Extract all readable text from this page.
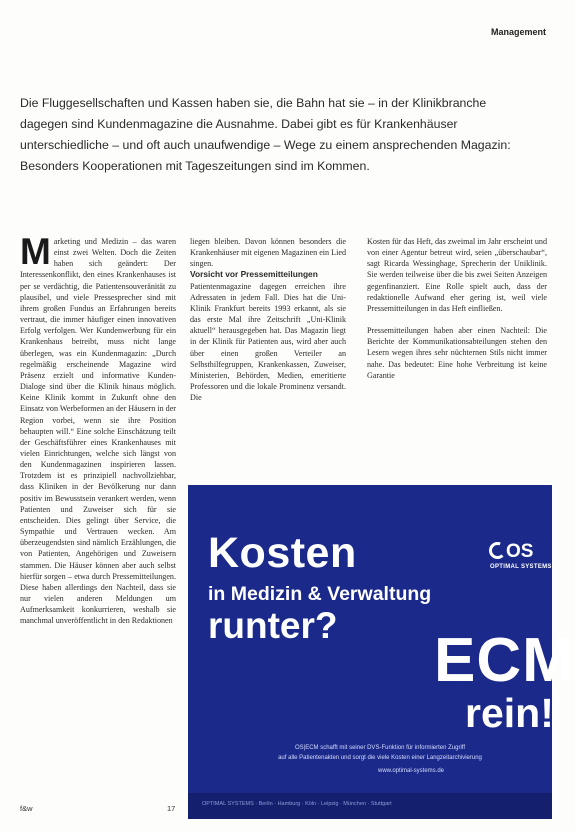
Management

Die Fluggesellschaften und Kassen haben sie, die Bahn hat sie – in der Klinikbranche dagegen sind Kundenmagazine die Ausnahme. Dabei gibt es für Krankenhäuser unterschiedliche – und oft auch unaufwendige – Wege zu einem ansprechenden Magazin: Besonders Kooperationen mit Tageszeitungen sind im Kommen.

M arketing und Medizin – das waren einst zwei Welten. Doch die Zeiten haben sich geändert: Der Interessenkonflikt, den eines Krankenhauses ist per se verdächtig, die Patientensouveränität zu plausibel, und viele Pressesprecher sind mit ihrem großen Fundus an Erfahrungen bereits vertraut, die immer häufiger einen innovativen Erfolg verfolgen. Wer Kundenwerbung für ein Krankenhaus betreibt, muss nicht lange überlegen, was ein Kundenmagazin: „Durch regelmäßig erscheinende Magazine wird Präsenz erzielt und informative Kunden-Dialoge sind über die Klinik hinaus möglich. Keine Klinik kommt in Zukunft ohne den Einsatz von Werbeformen an der Häusern in der Region vorbei, wenn sie ihre Position behaupten will.“ Eine solche Einschätzung teilt der Geschäftsführer eines Krankenhauses mit vielen Einrichtungen, welche sich längst von den Kundenmagazinen inspirieren lassen. Trotzdem ist es prinzipiell nachvollziehbar, dass Kliniken in der Bevölkerung nur dann positiv im Bewusstsein verankert werden, wenn Patienten und Zuweiser sich für sie entscheiden. Dies gelingt über Service, die Sympathie und Vertrauen wecken. Am überzeugendsten sind nämlich Erzählungen, die von Patienten, Angehörigen und Zuweisern stammen. Die Häuser können aber auch selbst hierfür sorgen – etwa durch Pressemitteilungen. Diese haben allerdings den Nachteil, dass sie nur vielen anderen Meldungen um Aufmerksamkeit konkurrieren, weshalb sie manchmal unveröffentlicht in den Redaktionen

liegen bleiben. Davon können besonders die Krankenhäuser mit eigenen Magazinen ein Lied singen.

Vorsicht vor Pressemitteilungen

Patientenmagazine dagegen erreichen ihre Adressaten in jedem Fall. Dies hat die Uni-Klinik Frankfurt bereits 1993 erkannt, als sie das erste Mal ihre Zeitschrift „Uni-Klinik aktuell“ herausgegeben hat. Das Magazin liegt in der Klinik für Patienten aus, wird aber auch über einen großen Verteiler an Selbsthilfegruppen, Krankenkassen, Zuweiser, Ministerien, Behörden, Medien, emeritierte Professoren und die lokale Prominenz versandt. Die

Kosten für das Heft, das zweimal im Jahr erscheint und von einer Agentur betreut wird, seien „überschaubar“, sagt Ricarda Wessinghage, Sprecherin der Uniklinik. Sie werden teilweise über die bis zwei Seiten Anzeigen gegenfinanziert. Eine Rolle spielt auch, dass der redaktionelle Aufwand eher gering ist, weil viele Pressemitteilungen in das Heft einfließen.

Pressemitteilungen haben aber einen Nachteil: Die Berichte der Kommunikationsabteilungen stehen den Lesern wegen ihres sehr nüchternen Stils nicht immer nahe. Das bedeutet: Eine hohe Verbreitung ist keine Garantie

Kosten
in Medizin & Verwaltung
runter?
OS
OPTIMAL SYSTEMS
ECM
rein!
OS|ECM schafft mit seiner DVS-Funktion für informierten Zugriff
auf alle Patientenakten und sorgt die viele Kosten einer Langzeitarchivierung
www.optimal-systems.de
OPTIMAL SYSTEMS · Berlin · Hamburg · Köln · Leipzig · München · Stuttgart
f&w	17
